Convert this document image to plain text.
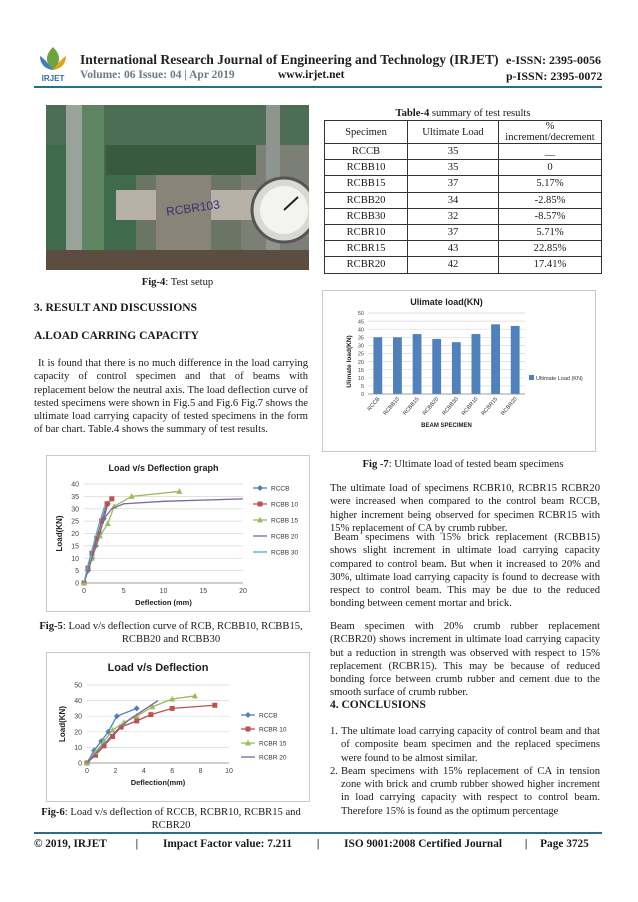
IRJET
International Research Journal of Engineering and Technology (IRJET) e-ISSN: 2395-0056
Volume: 06 Issue: 04 | Apr 2019	www.irjet.net	p-ISSN: 2395-0072
RCBR103
Fig-4: Test setup
3. RESULT AND DISCUSSIONS
A.LOAD CARRING CAPACITY
It is found that there is no much difference in the load carrying capacity of control specimen and that of beams with replacement below the neutral axis. The load deflection curve of tested specimens were shown in Fig.5 and Fig.6 Fig.7 shows the ultimate load carrying capacity of tested specimens in the form of bar chart. Table.4 shows the summary of test results.
Load v/s Deflection graph
0
5
10
15
20
25
30
35
40
0	5	10	15	20
Deflection (mm)
Load(KN)
RCCB
RCBB 10
RCBB 15
RCBB 20
RCBB 30
Fig-5: Load v/s deflection curve of RCB, RCBB10, RCBB15, RCBB20 and RCBB30
Load v/s Deflection
0
10
20
30
40
50
0	2	4	6	8	10
Deflection(mm)
Load(KN)	RCCB
RCBR 10
RCBR 15
RCBR 20
Fig-6: Load v/s deflection of RCCB, RCBR10, RCBR15 and RCBR20
Table-4 summary of test results
Specimen	Ultimate Load	% increment/decrement
RCCB	35	__
RCBB10	35	0
RCBB15	37	5.17%
RCBB20	34	-2.85%
RCBB30	32	-8.57%
RCBR10	37	5.71%
RCBR15	43	22.85%
RCBR20	42	17.41%
Ulimate load(KN)
0
5
10
15
20
25
30
35
40
45
50
RCCB RCBB10 RCBB15 RCBB20 RCBB30 RCBR10 RCBR15 RCBR20
BEAM SPECIMEN
Ulimate load(KN)	Ultimate Load (KN)
Fig -7: Ultimate load of tested beam specimens
The ultimate load of specimens RCBR10, RCBR15 RCBR20 were increased when compared to the control beam RCCB, higher increment being observed for specimen RCBR15 with 15% replacement of CA by crumb rubber.
Beam specimens with 15% brick replacement (RCBB15) shows slight increment in ultimate load carrying capacity compared to control beam. But when it increased to 20% and 30%, ultimate load carrying capacity is found to decrease with respect to control beam. This may be due to the reduced bonding between cement mortar and brick.
Beam specimen with 20% crumb rubber replacement (RCBR20) shows increment in ultimate load carrying capacity but a reduction in strength was observed with respect to 15% replacement (RCBR15). This may be because of reduced bonding force between crumb rubber and cement due to the smooth surface of crumb rubber.
4. CONCLUSIONS
1. The ultimate load carrying capacity of control beam and that of composite beam specimen and the replaced specimens were found to be almost similar.
2. Beam specimens with 15% replacement of CA in tension zone with brick and crumb rubber showed higher increment in load carrying capacity with respect to control beam. Therefore 15% is found as the optimum percentage
© 2019, IRJET	| Impact Factor value: 7.211 | ISO 9001:2008 Certified Journal | Page 3725
